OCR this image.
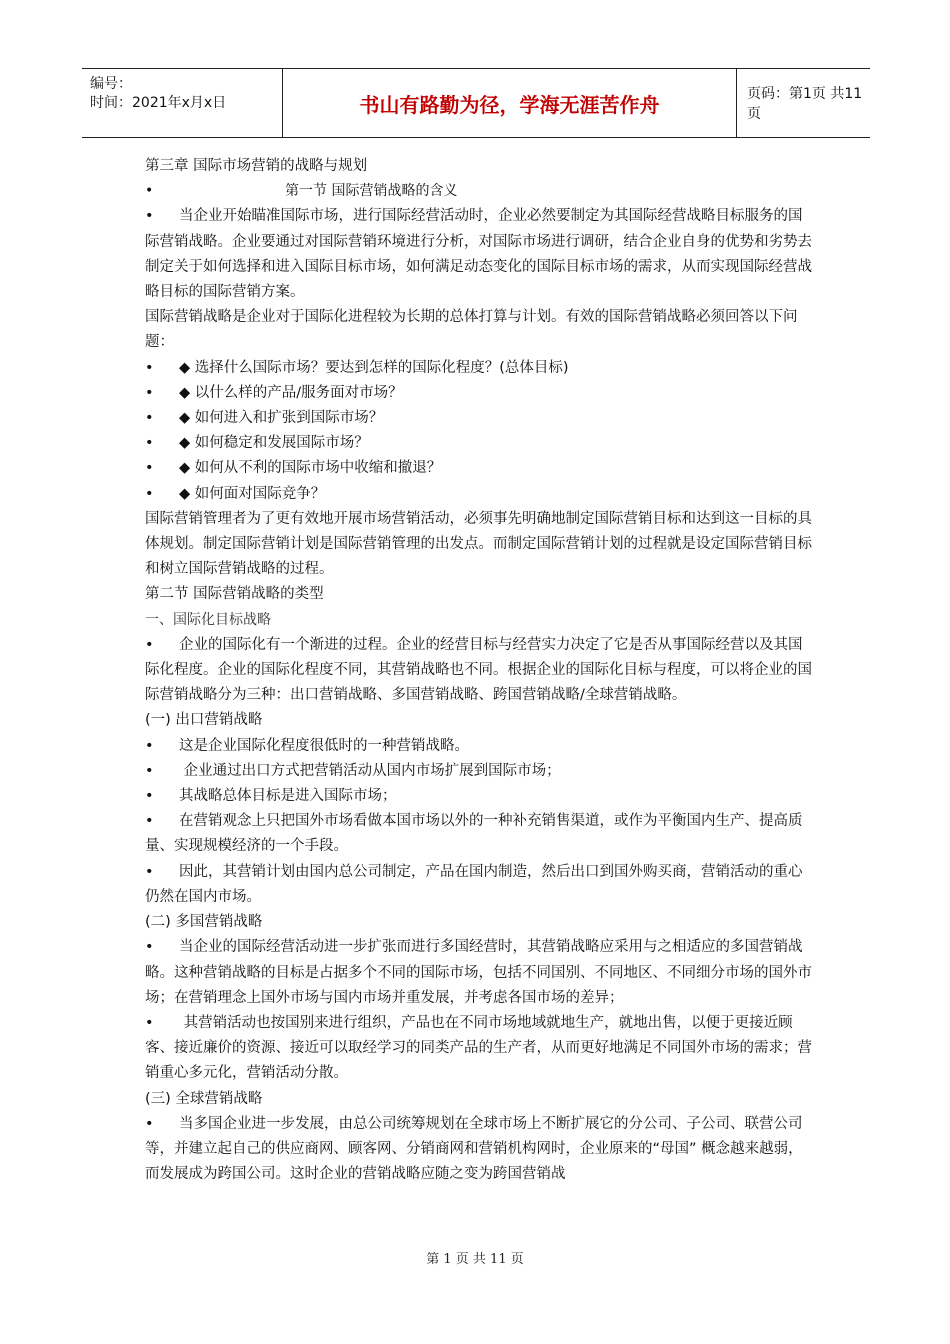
编号：
时间：2021年x月x日	书山有路勤为径，学海无涯苦作舟	页码：第1页 共11页

第三章 国际市场营销的战略与规划

•	第一节 国际营销战略的含义

• 当企业开始瞄准国际市场，进行国际经营活动时，企业必然要制定为其国际经营战略目标服务的国际营销战略。企业要通过对国际营销环境进行分析，对国际市场进行调研，结合企业自身的优势和劣势去制定关于如何选择和进入国际目标市场，如何满足动态变化的国际目标市场的需求，从而实现国际经营战略目标的国际营销方案。

国际营销战略是企业对于国际化进程较为长期的总体打算与计划。有效的国际营销战略必须回答以下问题：

• ◆ 选择什么国际市场？要达到怎样的国际化程度？(总体目标)

• ◆ 以什么样的产品/服务面对市场？

• ◆ 如何进入和扩张到国际市场？

• ◆ 如何稳定和发展国际市场？

• ◆ 如何从不利的国际市场中收缩和撤退？

• ◆ 如何面对国际竞争？

国际营销管理者为了更有效地开展市场营销活动，必须事先明确地制定国际营销目标和达到这一目标的具体规划。制定国际营销计划是国际营销管理的出发点。而制定国际营销计划的过程就是设定国际营销目标和树立国际营销战略的过程。

第二节 国际营销战略的类型

一、国际化目标战略

• 企业的国际化有一个渐进的过程。企业的经营目标与经营实力决定了它是否从事国际经营以及其国际化程度。企业的国际化程度不同，其营销战略也不同。根据企业的国际化目标与程度，可以将企业的国际营销战略分为三种：出口营销战略、多国营销战略、跨国营销战略/全球营销战略。

(一) 出口营销战略

• 这是企业国际化程度很低时的一种营销战略。

• 企业通过出口方式把营销活动从国内市场扩展到国际市场；

• 其战略总体目标是进入国际市场；

• 在营销观念上只把国外市场看做本国市场以外的一种补充销售渠道，或作为平衡国内生产、提高质量、实现规模经济的一个手段。

• 因此，其营销计划由国内总公司制定，产品在国内制造，然后出口到国外购买商，营销活动的重心仍然在国内市场。

(二) 多国营销战略

• 当企业的国际经营活动进一步扩张而进行多国经营时，其营销战略应采用与之相适应的多国营销战略。这种营销战略的目标是占据多个不同的国际市场，包括不同国别、不同地区、不同细分市场的国外市场；在营销理念上国外市场与国内市场并重发展，并考虑各国市场的差异；

• 其营销活动也按国别来进行组织，产品也在不同市场地域就地生产，就地出售，以便于更接近顾客、接近廉价的资源、接近可以取经学习的同类产品的生产者，从而更好地满足不同国外市场的需求；营销重心多元化，营销活动分散。

(三) 全球营销战略

• 当多国企业进一步发展，由总公司统筹规划在全球市场上不断扩展它的分公司、子公司、联营公司等，并建立起自己的供应商网、顾客网、分销商网和营销机构网时，企业原来的“母国” 概念越来越弱，而发展成为跨国公司。这时企业的营销战略应随之变为跨国营销战

第 1 页 共 11 页
